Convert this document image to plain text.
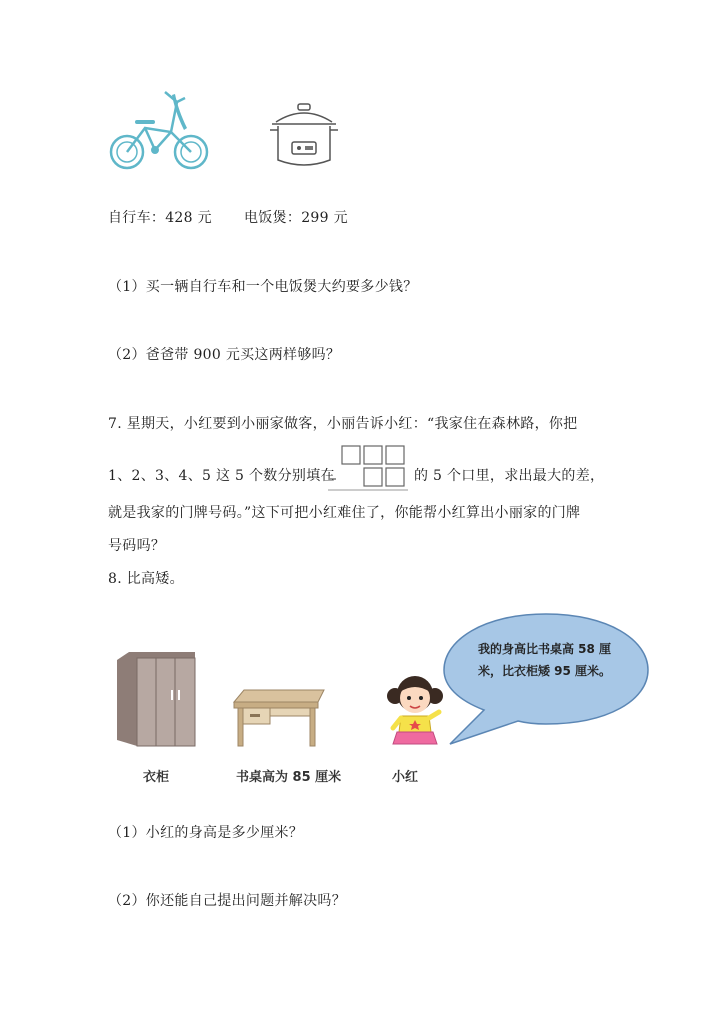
自行车：428 元 电饭煲：299 元
（1）买一辆自行车和一个电饭煲大约要多少钱？
（2）爸爸带 900 元买这两样够吗？
7. 星期天，小红要到小丽家做客，小丽告诉小红：“我家住在森林路，你把
1、2、3、4、5 这 5 个数分别填在	的 5 个口里，求出最大的差，
就是我家的门牌号码。”这下可把小红难住了，你能帮小红算出小丽家的门牌
号码吗？
8. 比高矮。
我的身高比书桌高 58 厘米，比衣柜矮 95 厘米。
衣柜	书桌高为 85 厘米	小红
（1）小红的身高是多少厘米？
（2）你还能自己提出问题并解决吗？
